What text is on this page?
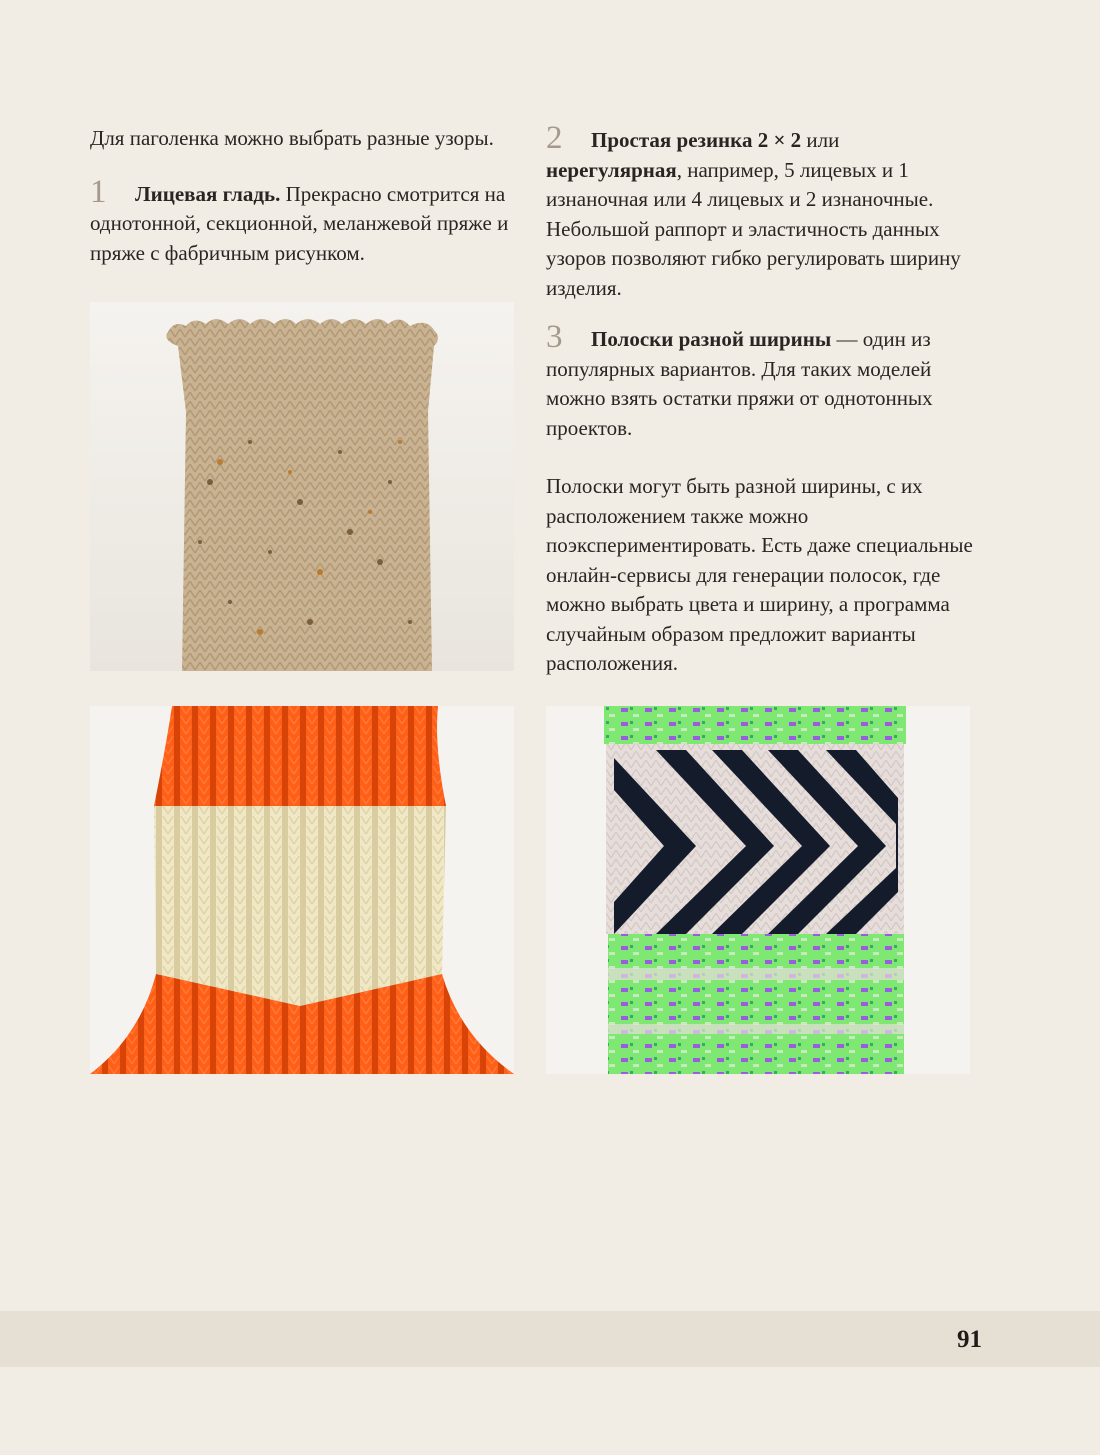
Для паголенка можно выбрать разные узоры.

1 Лицевая гладь. Прекрасно смотрится на однотонной, секционной, меланжевой пряже и пряже с фабричным рисунком.

2 Простая резинка 2 × 2 или нерегулярная, например, 5 лицевых и 1 изнаночная или 4 лицевых и 2 изнаночные. Небольшой раппорт и эластичность данных узоров позволяют гибко регулировать ширину изделия.

3 Полоски разной ширины — один из популярных вариантов. Для таких моделей можно взять остатки пряжи от однотонных проектов.

Полоски могут быть разной ширины, с их расположением также можно поэкспериментировать. Есть даже специальные онлайн-сервисы для генерации полосок, где можно выбрать цвета и ширину, а программа случайным образом предложит варианты расположения.

91
